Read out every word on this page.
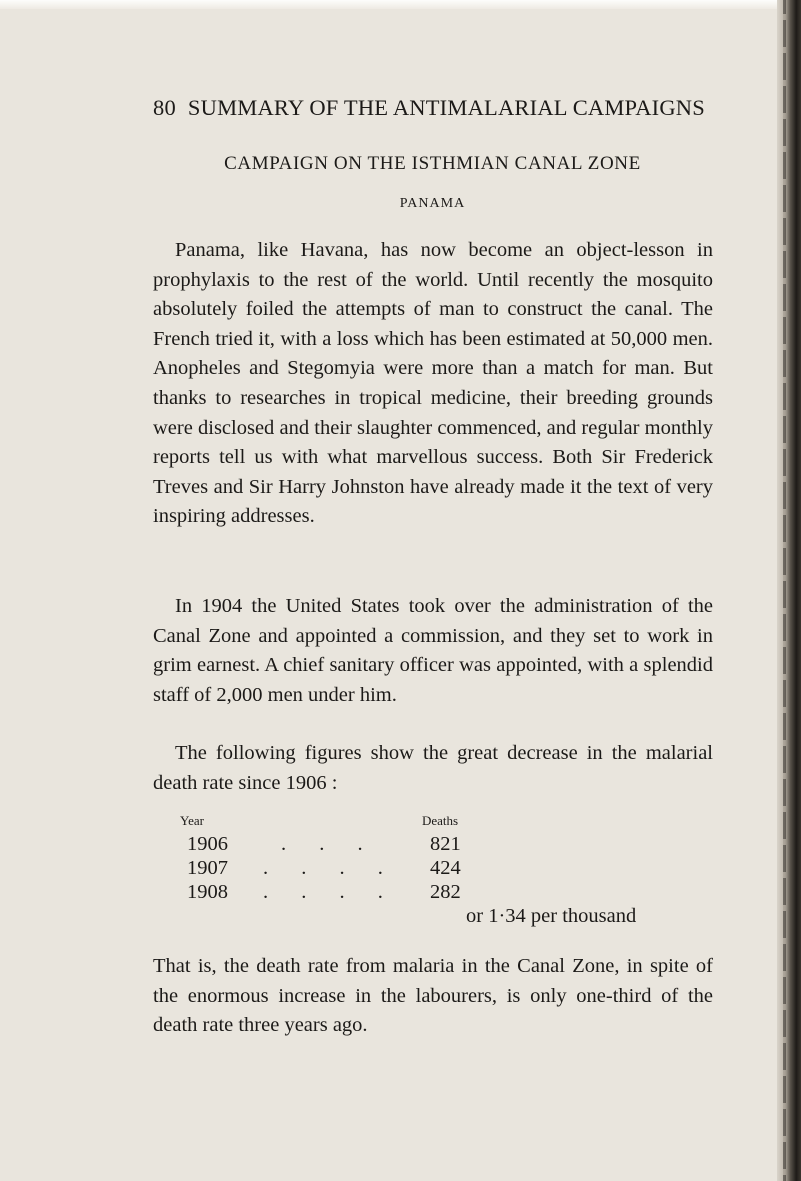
80 SUMMARY OF THE ANTIMALARIAL CAMPAIGNS
CAMPAIGN ON THE ISTHMIAN CANAL ZONE
PANAMA

Panama, like Havana, has now become an object-lesson in prophylaxis to the rest of the world. Until recently the mosquito absolutely foiled the attempts of man to construct the canal. The French tried it, with a loss which has been estimated at 50,000 men. Anopheles and Stegomyia were more than a match for man. But thanks to researches in tropical medicine, their breeding grounds were disclosed and their slaughter commenced, and regular monthly reports tell us with what marvellous success. Both Sir Frederick Treves and Sir Harry Johnston have already made it the text of very inspiring addresses.

In 1904 the United States took over the administration of the Canal Zone and appointed a commission, and they set to work in grim earnest. A chief sanitary officer was appointed, with a splendid staff of 2,000 men under him.

The following figures show the great decrease in the malarial death rate since 1906 :

Year	Deaths
1906	. . .	821
1907 . . . . 424
1908 . . . . 282
or 1·34 per thousand

That is, the death rate from malaria in the Canal Zone, in spite of the enormous increase in the labourers, is only one-third of the death rate three years ago.
